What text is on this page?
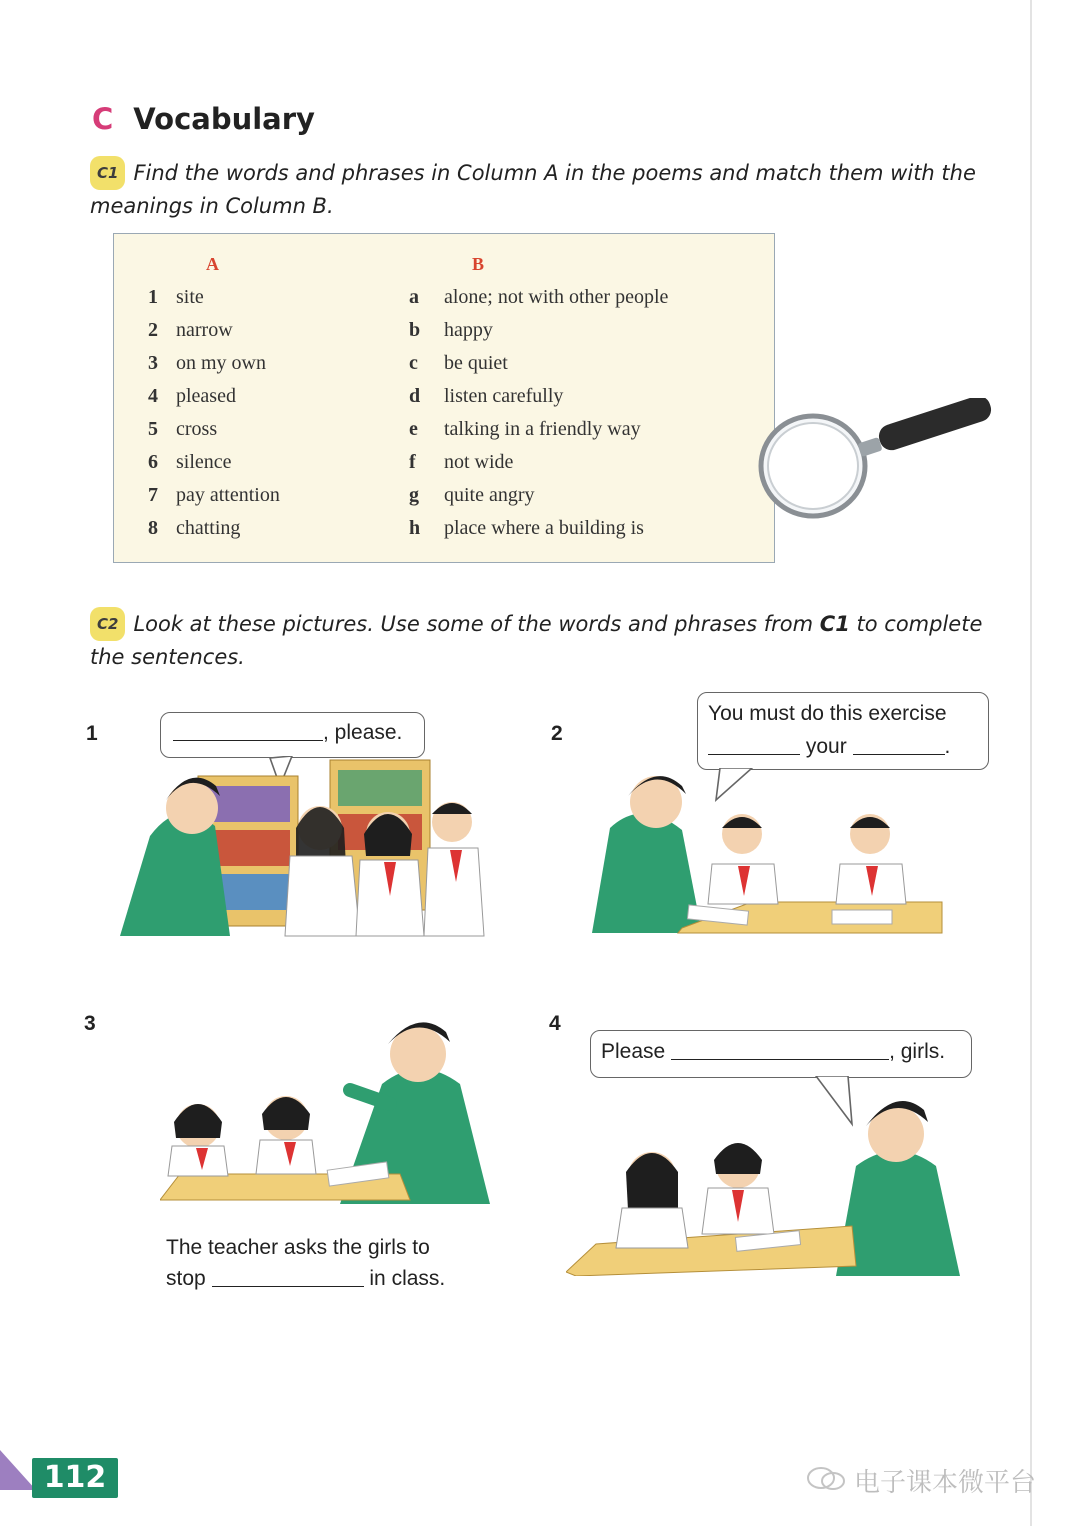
C Vocabulary
C1 Find the words and phrases in Column A in the poems and match them with the
meanings in Column B.
A	B
1 site	a alone; not with other people
2 narrow	b happy
3 on my own	c be quiet
4 pleased	d listen carefully
5 cross	e talking in a friendly way
6 silence	f not wide
7 pay attention	g quite angry
8 chatting	h place where a building is
C2 Look at these pictures. Use some of the words and phrases from C1 to complete
the sentences.
1	, please.	2
You must do this exercise
your	.
3
The teacher asks the girls to
stop	in class.
4
Please	, girls.
112	电子课本微平台
